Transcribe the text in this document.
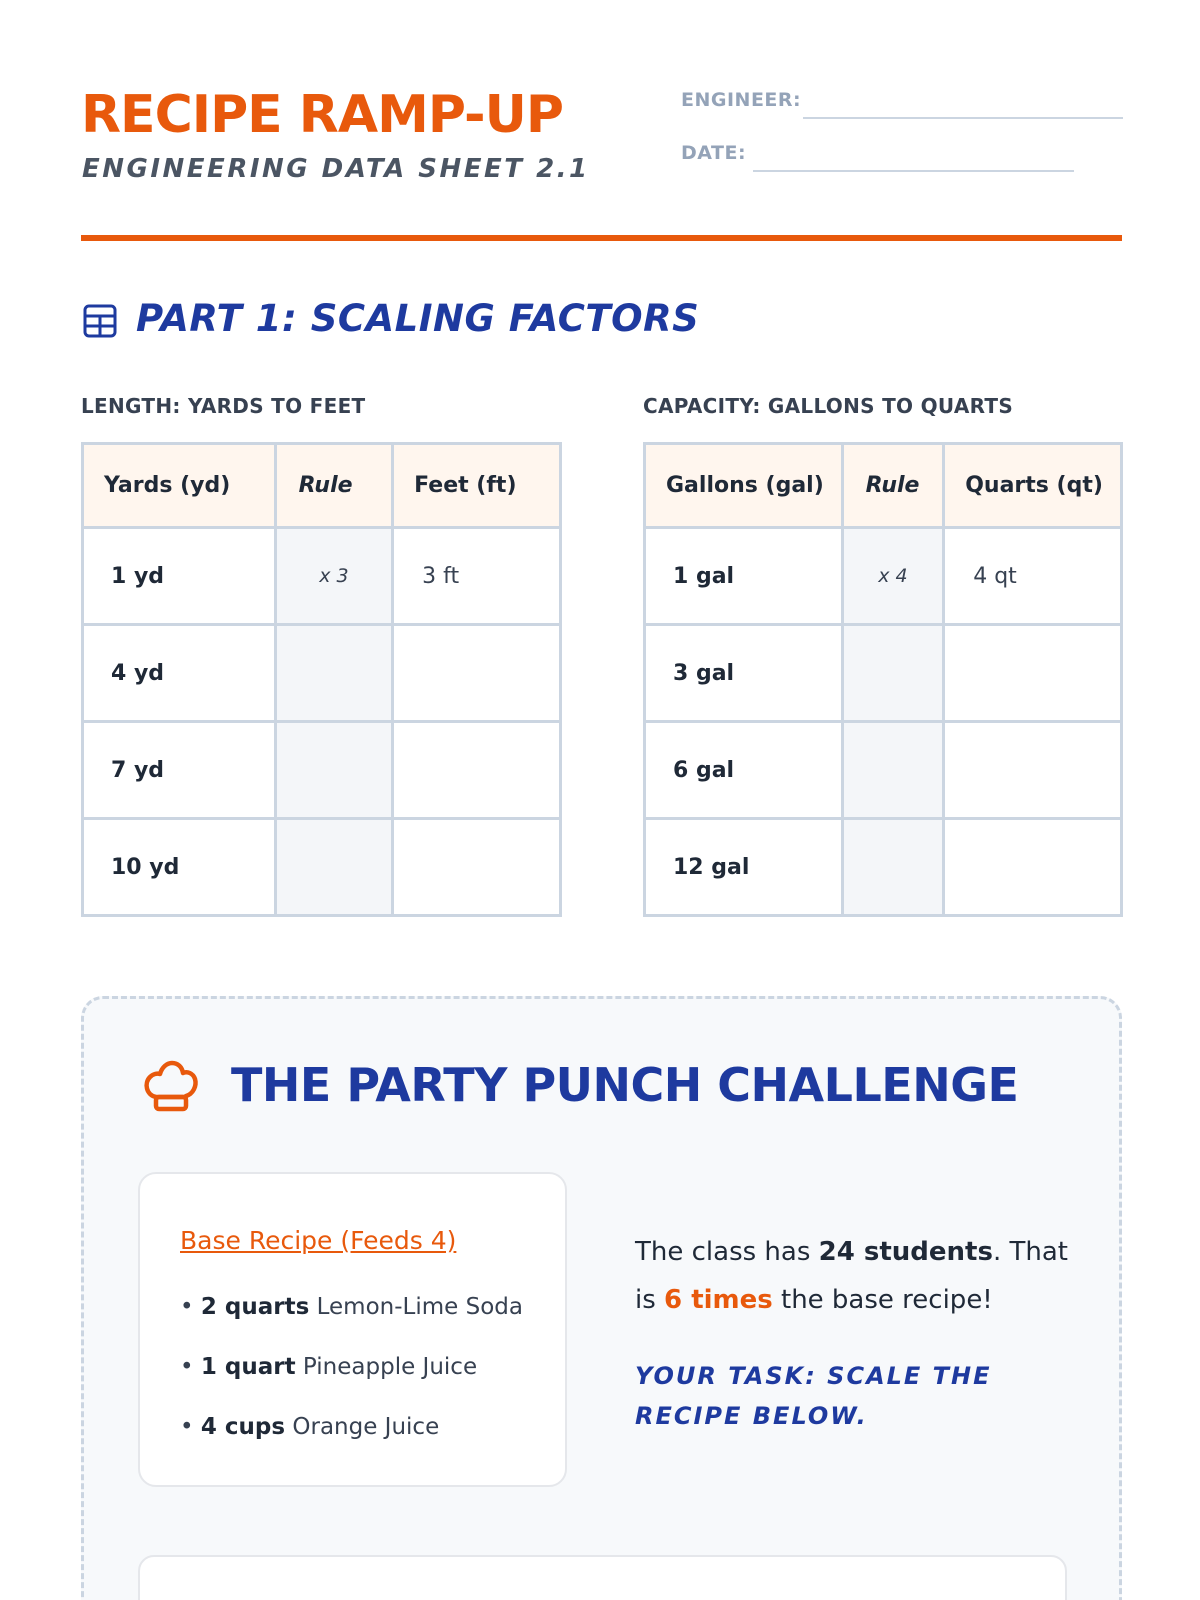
RECIPE RAMP-UP
ENGINEERING DATA SHEET 2.1
ENGINEER:
DATE:
PART 1: SCALING FACTORS
LENGTH: YARDS TO FEET	CAPACITY: GALLONS TO QUARTS
Yards (yd)	Rule	Feet (ft)
1 yd	x 3	3 ft
4 yd		
7 yd		
10 yd		
Gallons (gal)	Rule	Quarts (qt)
1 gal	x 4	4 qt
3 gal		
6 gal		
12 gal		
THE PARTY PUNCH CHALLENGE
Base Recipe (Feeds 4)
• 2 quarts Lemon-Lime Soda
• 1 quart Pineapple Juice
• 4 cups Orange Juice
The class has 24 students. That is 6 times the base recipe!
YOUR TASK: SCALE THE RECIPE BELOW.
